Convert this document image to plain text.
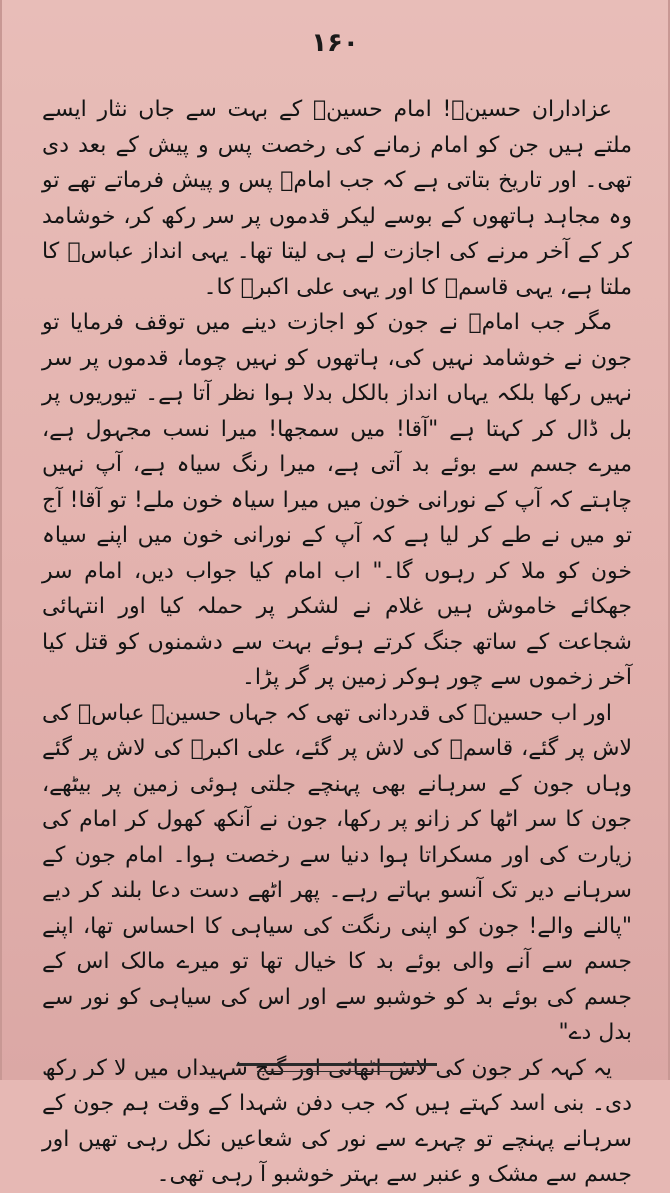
۱۶۰

عزاداران حسینؑ! امام حسینؑ کے بہت سے جاں نثار ایسے ملتے ہیں جن کو امام زمانے کی رخصت پس و پیش کے بعد دی تھی۔ اور تاریخ بتاتی ہے کہ جب امامؑ پس و پیش فرماتے تھے تو وہ مجاہد ہاتھوں کے بوسے لیکر قدموں پر سر رکھ کر، خوشامد کر کے آخر مرنے کی اجازت لے ہی لیتا تھا۔ یہی انداز عباسؑ کا ملتا ہے، یہی قاسمؑ کا اور یہی علی اکبرؑ کا۔

مگر جب امامؑ نے جون کو اجازت دینے میں توقف فرمایا تو جون نے خوشامد نہیں کی، ہاتھوں کو نہیں چوما، قدموں پر سر نہیں رکھا بلکہ یہاں انداز بالکل بدلا ہوا نظر آتا ہے۔ تیوریوں پر بل ڈال کر کہتا ہے "آقا! میں سمجھا! میرا نسب مجہول ہے، میرے جسم سے بوئے بد آتی ہے، میرا رنگ سیاہ ہے، آپ نہیں چاہتے کہ آپ کے نورانی خون میں میرا سیاہ خون ملے! تو آقا! آج تو میں نے طے کر لیا ہے کہ آپ کے نورانی خون میں اپنے سیاہ خون کو ملا کر رہوں گا۔" اب امام کیا جواب دیں، امام سر جھکائے خاموش ہیں غلام نے لشکر پر حملہ کیا اور انتہائی شجاعت کے ساتھ جنگ کرتے ہوئے بہت سے دشمنوں کو قتل کیا آخر زخموں سے چور ہوکر زمین پر گر پڑا۔

اور اب حسینؑ کی قدردانی تھی کہ جہاں حسینؑ عباسؑ کی لاش پر گئے، قاسمؑ کی لاش پر گئے، علی اکبرؑ کی لاش پر گئے وہاں جون کے سرہانے بھی پہنچے جلتی ہوئی زمین پر بیٹھے، جون کا سر اٹھا کر زانو پر رکھا، جون نے آنکھ کھول کر امام کی زیارت کی اور مسکراتا ہوا دنیا سے رخصت ہوا۔ امام جون کے سرہانے دیر تک آنسو بہاتے رہے۔ پھر اٹھے دست دعا بلند کر دیے "پالنے والے! جون کو اپنی رنگت کی سیاہی کا احساس تھا، اپنے جسم سے آنے والی بوئے بد کا خیال تھا تو میرے مالک اس کے جسم کی بوئے بد کو خوشبو سے اور اس کی سیاہی کو نور سے بدل دے"

یہ کہہ کر جون کی لاش اٹھائی اور گنج شہیداں میں لا کر رکھ دی۔ بنی اسد کہتے ہیں کہ جب دفن شہدا کے وقت ہم جون کے سرہانے پہنچے تو چہرے سے نور کی شعاعیں نکل رہی تھیں اور جسم سے مشک و عنبر سے بہتر خوشبو آ رہی تھی۔
